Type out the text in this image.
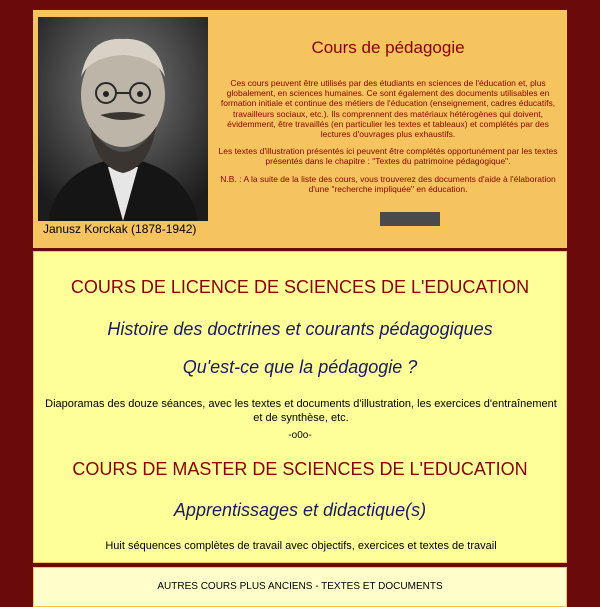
Janusz Korckak (1878-1942)
Cours de pédagogie

Ces cours peuvent être utilisés par des étudiants en sciences de l'éducation et, plus globalement, en sciences humaines. Ce sont également des documents utilisables en formation initiale et continue des métiers de l'éducation (enseignement, cadres éducatifs, travailleurs sociaux, etc.). Ils comprennent des matériaux hétérogènes qui doivent, évidemment, être travaillés (en particulier les textes et tableaux) et complétés par des lectures d'ouvrages plus exhaustifs.

Les textes d'illustration présentés ici peuvent être complétés opportunément par les textes présentés dans le chapitre : "Textes du patrimoine pédagogique".

N.B. : A la suite de la liste des cours, vous trouverez des documents d'aide à l'élaboration d'une "recherche impliquée" en éducation.

COURS DE LICENCE DE SCIENCES DE L'EDUCATION
Histoire des doctrines et courants pédagogiques
Qu'est-ce que la pédagogie ?
Diaporamas des douze séances, avec les textes et documents d'illustration, les exercices d'entraînement et de synthèse, etc.
-o0o-
COURS DE MASTER DE SCIENCES DE L'EDUCATION
Apprentissages et didactique(s)
Huit séquences complètes de travail avec objectifs, exercices et textes de travail
AUTRES COURS PLUS ANCIENS - TEXTES ET DOCUMENTS
